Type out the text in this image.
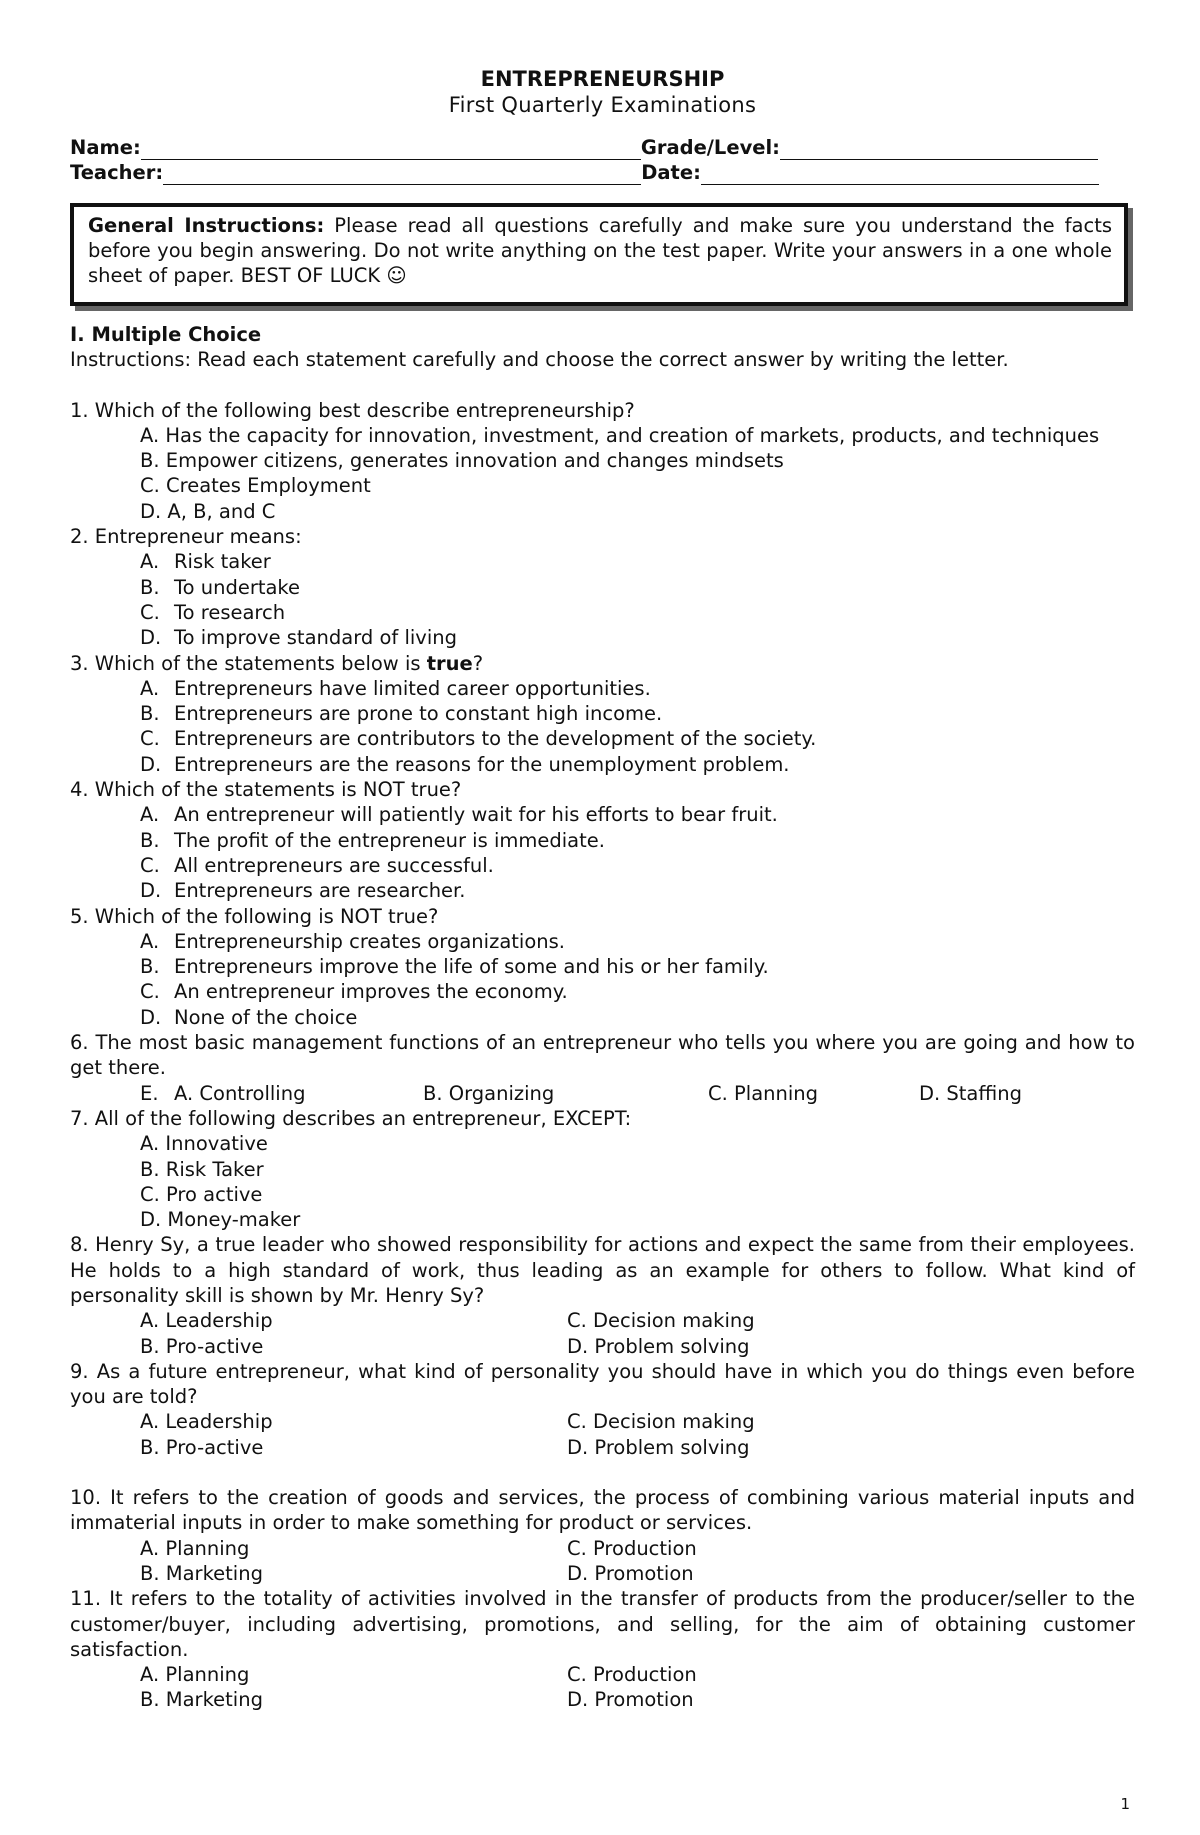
ENTREPRENEURSHIP
First Quarterly Examinations
Name:	Grade/Level:
Teacher:	Date:
General Instructions: Please read all questions carefully and make sure you understand the facts before you begin answering. Do not write anything on the test paper. Write your answers in a one whole sheet of paper. BEST OF LUCK ☺
I. Multiple Choice
Instructions: Read each statement carefully and choose the correct answer by writing the letter.
1. Which of the following best describe entrepreneurship?
A. Has the capacity for innovation, investment, and creation of markets, products, and techniques
B. Empower citizens, generates innovation and changes mindsets
C. Creates Employment
D. A, B, and C
2. Entrepreneur means:
A. Risk taker
B. To undertake
C. To research
D. To improve standard of living
3. Which of the statements below is true?
A. Entrepreneurs have limited career opportunities.
B. Entrepreneurs are prone to constant high income.
C. Entrepreneurs are contributors to the development of the society.
D. Entrepreneurs are the reasons for the unemployment problem.
4. Which of the statements is NOT true?
A. An entrepreneur will patiently wait for his efforts to bear fruit.
B. The profit of the entrepreneur is immediate.
C. All entrepreneurs are successful.
D. Entrepreneurs are researcher.
5. Which of the following is NOT true?
A. Entrepreneurship creates organizations.
B. Entrepreneurs improve the life of some and his or her family.
C. An entrepreneur improves the economy.
D. None of the choice
6. The most basic management functions of an entrepreneur who tells you where you are going and how to get there.
E. A. Controlling	B. Organizing	C. Planning	D. Staffing
7. All of the following describes an entrepreneur, EXCEPT:
A. Innovative
B. Risk Taker
C. Pro active
D. Money-maker
8. Henry Sy, a true leader who showed responsibility for actions and expect the same from their employees. He holds to a high standard of work, thus leading as an example for others to follow. What kind of personality skill is shown by Mr. Henry Sy?
A. Leadership	C. Decision making
B. Pro-active	D. Problem solving
9. As a future entrepreneur, what kind of personality you should have in which you do things even before you are told?
A. Leadership	C. Decision making
B. Pro-active	D. Problem solving
10. It refers to the creation of goods and services, the process of combining various material inputs and immaterial inputs in order to make something for product or services.
A. Planning	C. Production
B. Marketing	D. Promotion
11. It refers to the totality of activities involved in the transfer of products from the producer/seller to the customer/buyer, including advertising, promotions, and selling, for the aim of obtaining customer satisfaction.
A. Planning	C. Production
B. Marketing	D. Promotion
1
